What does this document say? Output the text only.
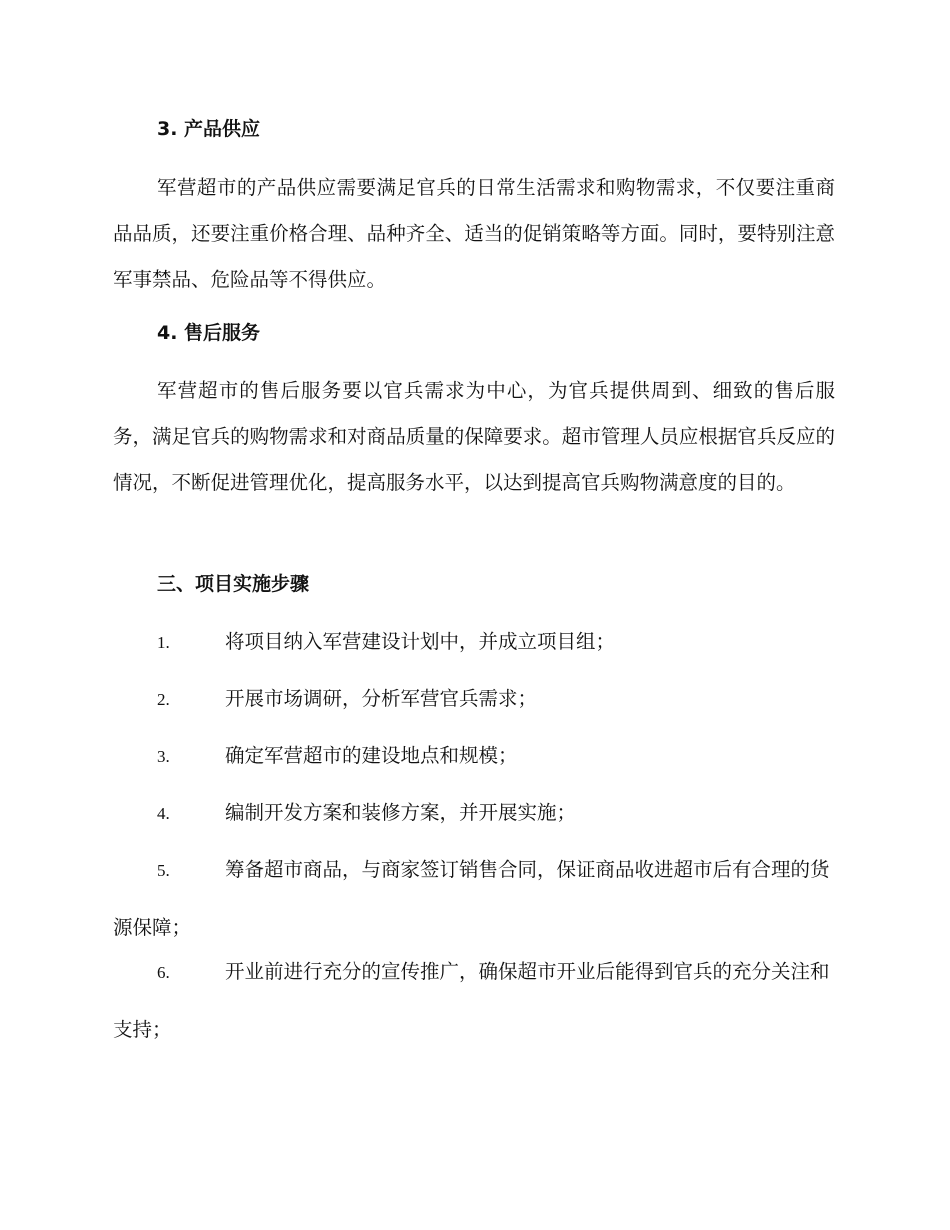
3. 产品供应

军营超市的产品供应需要满足官兵的日常生活需求和购物需求，不仅要注重商品品质，还要注重价格合理、品种齐全、适当的促销策略等方面。同时，要特别注意军事禁品、危险品等不得供应。

4. 售后服务

军营超市的售后服务要以官兵需求为中心，为官兵提供周到、细致的售后服务，满足官兵的购物需求和对商品质量的保障要求。超市管理人员应根据官兵反应的情况，不断促进管理优化，提高服务水平，以达到提高官兵购物满意度的目的。

三、项目实施步骤

1.	将项目纳入军营建设计划中，并成立项目组；

2.	开展市场调研，分析军营官兵需求；

3.	确定军营超市的建设地点和规模；

4.	编制开发方案和装修方案，并开展实施；

5.	筹备超市商品，与商家签订销售合同，保证商品收进超市后有合理的货源保障；

6.	开业前进行充分的宣传推广，确保超市开业后能得到官兵的充分关注和支持；
